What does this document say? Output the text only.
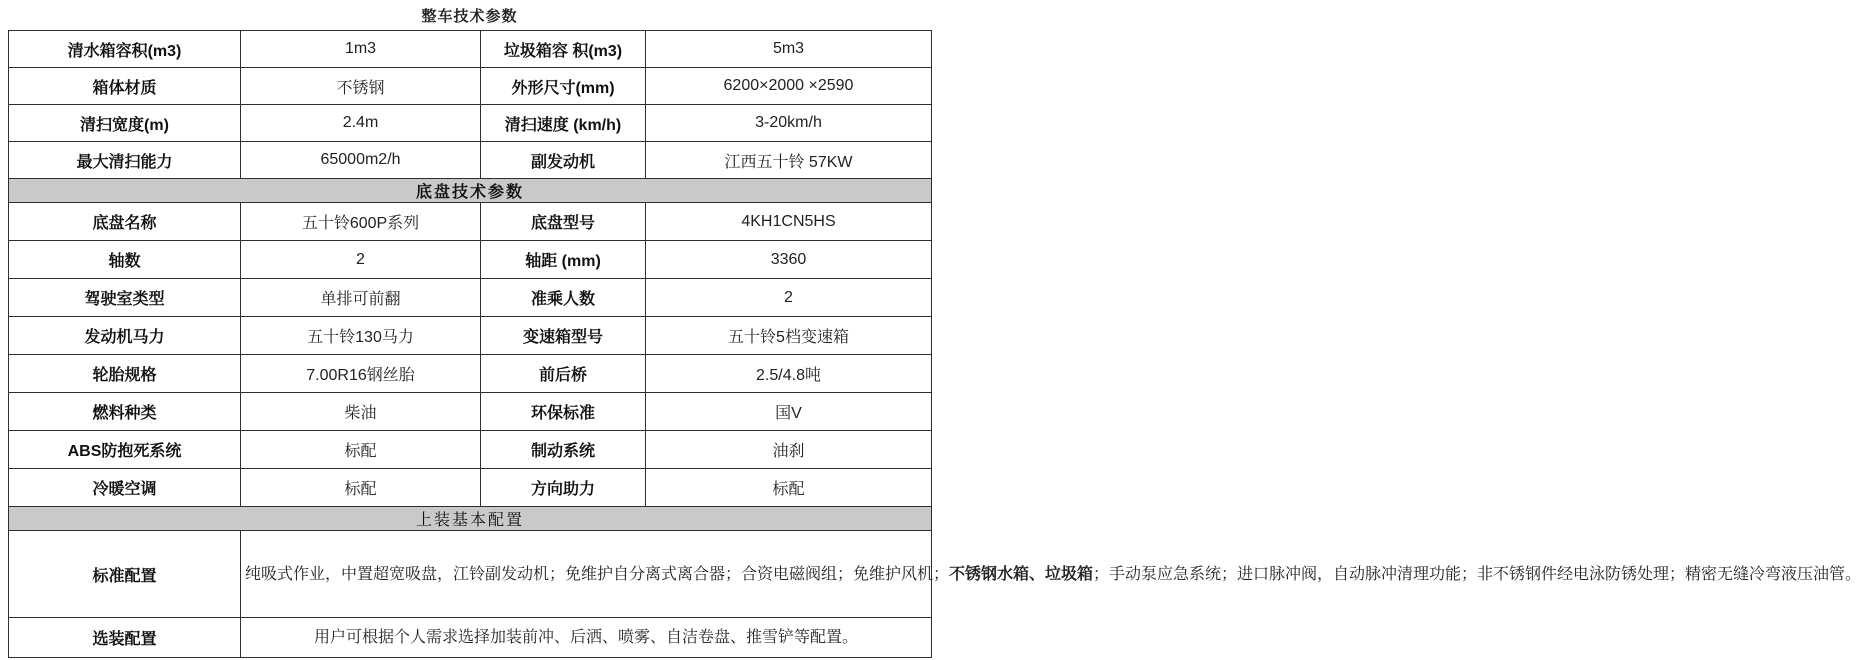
整车技术参数
清水箱容积(m3)	1m3	垃圾箱容 积(m3)	5m3
箱体材质	不锈钢	外形尺寸(mm)	6200×2000 ×2590
清扫宽度(m)	2.4m	清扫速度 (km/h)	3-20km/h
最大清扫能力	65000m2/h	副发动机	江西五十铃 57KW
底盘技术参数			
底盘名称	五十铃600P系列	底盘型号	4KH1CN5HS
轴数	2	轴距 (mm)	3360
驾驶室类型	单排可前翻	准乘人数	2
发动机马力	五十铃130马力	变速箱型号	五十铃5档变速箱
轮胎规格	7.00R16钢丝胎	前后桥	2.5/4.8吨
燃料种类	柴油	环保标准	国V
ABS防抱死系统	标配	制动系统	油刹
冷暖空调	标配	方向助力	标配
上装基本配置			
标准配置	纯吸式作业，中置超宽吸盘，江铃副发动机；免维护自分离式离合器；合资电磁阀组；免维护风机；不锈钢水箱、垃圾箱；手动泵应急系统；进口脉冲阀，自动脉冲清理功能；非不锈钢件经电泳防锈处理；精密无缝冷弯液压油管。		
选装配置	用户可根据个人需求选择加装前冲、后洒、喷雾、自洁卷盘、推雪铲等配置。		
